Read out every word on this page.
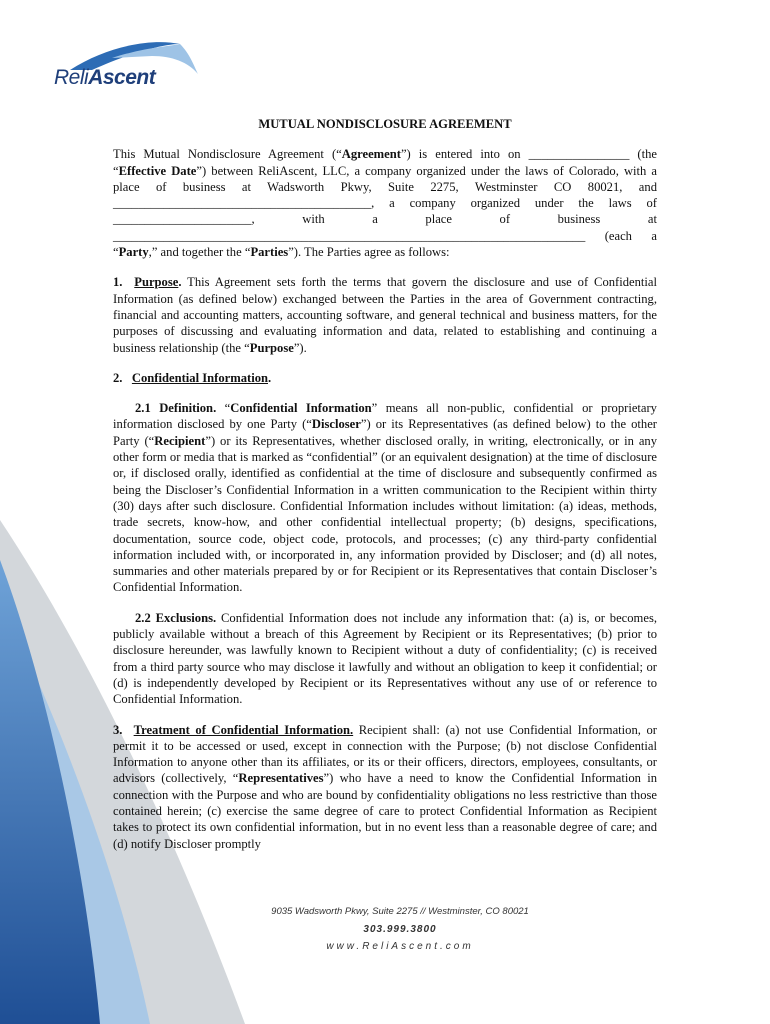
ReliAscent
MUTUAL NONDISCLOSURE AGREEMENT

This Mutual Nondisclosure Agreement (“Agreement”) is entered into on ________________ (the “Effective Date”) between ReliAscent, LLC, a company organized under the laws of Colorado, with a place of business at Wadsworth Pkwy, Suite 2275, Westminster CO 80021, and _________________________________________, a company organized under the laws of ______________________, with a place of business at ___________________________________________________________________________ (each a “Party,” and together the “Parties”). The Parties agree as follows:

1. Purpose. This Agreement sets forth the terms that govern the disclosure and use of Confidential Information (as defined below) exchanged between the Parties in the area of Government contracting, financial and accounting matters, accounting software, and general technical and business matters, for the purposes of discussing and evaluating information and data, related to establishing and continuing a business relationship (the “Purpose”).

2. Confidential Information.

2.1 Definition. “Confidential Information” means all non-public, confidential or proprietary information disclosed by one Party (“Discloser”) or its Representatives (as defined below) to the other Party (“Recipient”) or its Representatives, whether disclosed orally, in writing, electronically, or in any other form or media that is marked as “confidential” (or an equivalent designation) at the time of disclosure or, if disclosed orally, identified as confidential at the time of disclosure and subsequently confirmed as being the Discloser’s Confidential Information in a written communication to the Recipient within thirty (30) days after such disclosure. Confidential Information includes without limitation: (a) ideas, methods, trade secrets, know-how, and other confidential intellectual property; (b) designs, specifications, documentation, source code, object code, protocols, and processes; (c) any third-party confidential information included with, or incorporated in, any information provided by Discloser; and (d) all notes, summaries and other materials prepared by or for Recipient or its Representatives that contain Discloser’s Confidential Information.

2.2 Exclusions. Confidential Information does not include any information that: (a) is, or becomes, publicly available without a breach of this Agreement by Recipient or its Representatives; (b) prior to disclosure hereunder, was lawfully known to Recipient without a duty of confidentiality; (c) is received from a third party source who may disclose it lawfully and without an obligation to keep it confidential; or (d) is independently developed by Recipient or its Representatives without any use of or reference to Confidential Information.

3. Treatment of Confidential Information. Recipient shall: (a) not use Confidential Information, or permit it to be accessed or used, except in connection with the Purpose; (b) not disclose Confidential Information to anyone other than its affiliates, or its or their officers, directors, employees, consultants, or advisors (collectively, “Representatives”) who have a need to know the Confidential Information in connection with the Purpose and who are bound by confidentiality obligations no less restrictive than those contained herein; (c) exercise the same degree of care to protect Confidential Information as Recipient takes to protect its own confidential information, but in no event less than a reasonable degree of care; and (d) notify Discloser promptly

9035 Wadsworth Pkwy, Suite 2275 // Westminster, CO 80021
303.999.3800
www.ReliAscent.com
